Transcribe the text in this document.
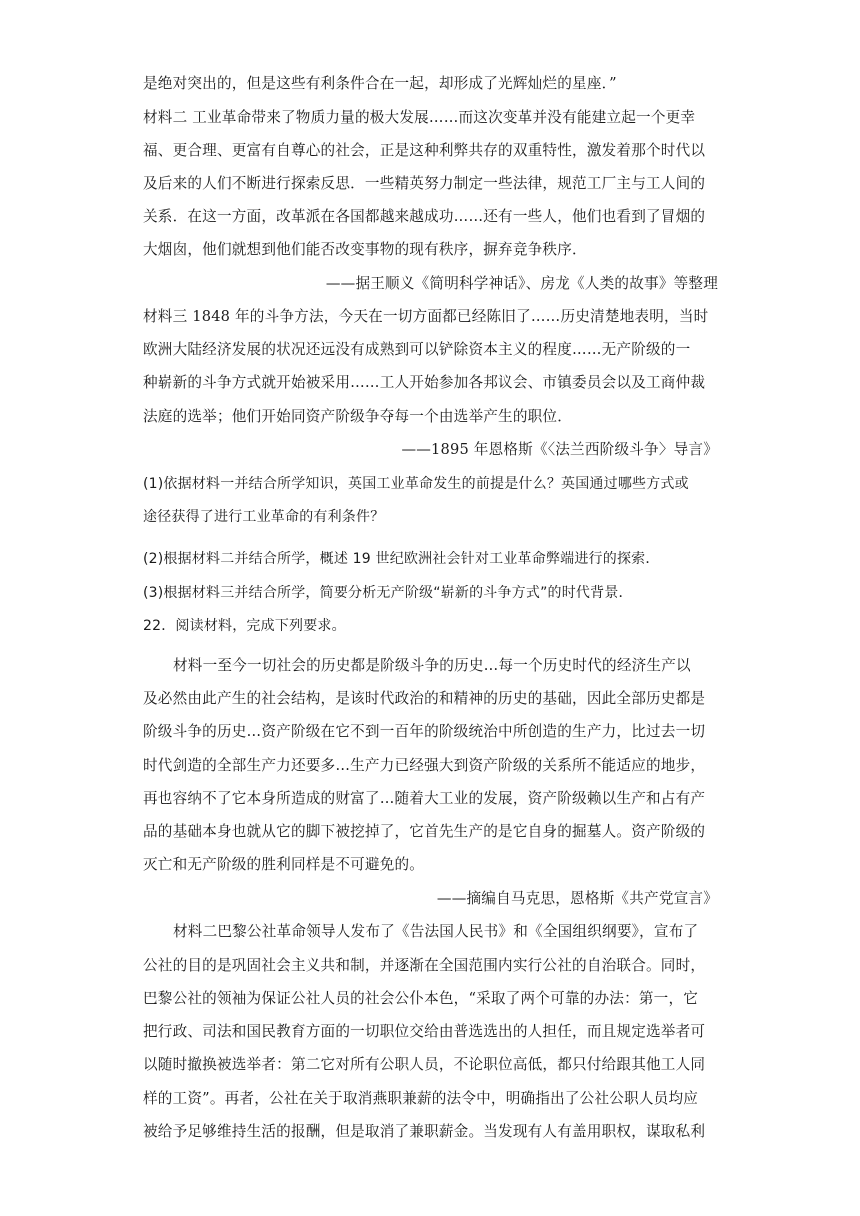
是绝对突出的，但是这些有利条件合在一起，却形成了光辉灿烂的星座．”
材料二 工业革命带来了物质力量的极大发展……而这次变革并没有能建立起一个更幸
福、更合理、更富有自尊心的社会，正是这种利弊共存的双重特性，激发着那个时代以
及后来的人们不断进行探索反思．一些精英努力制定一些法律，规范工厂主与工人间的
关系．在这一方面，改革派在各国都越来越成功……还有一些人，他们也看到了冒烟的
大烟囱，他们就想到他们能否改变事物的现有秩序，摒弃竞争秩序．
——据王顺义《简明科学神话》、房龙《人类的故事》等整理
材料三 1848 年的斗争方法，今天在一切方面都已经陈旧了……历史清楚地表明，当时
欧洲大陆经济发展的状况还远没有成熟到可以铲除资本主义的程度……无产阶级的一
种崭新的斗争方式就开始被采用……工人开始参加各邦议会、市镇委员会以及工商仲裁
法庭的选举；他们开始同资产阶级争夺每一个由选举产生的职位．
——1895 年恩格斯《〈法兰西阶级斗争〉导言》
(1)依据材料一并结合所学知识，英国工业革命发生的前提是什么？英国通过哪些方式或
途径获得了进行工业革命的有利条件？
(2)根据材料二并结合所学，概述 19 世纪欧洲社会针对工业革命弊端进行的探索．
(3)根据材料三并结合所学，简要分析无产阶级“崭新的斗争方式”的时代背景．
22．阅读材料，完成下列要求。
材料一至今一切社会的历史都是阶级斗争的历史…每一个历史时代的经济生产以
及必然由此产生的社会结构，是该时代政治的和精神的历史的基础，因此全部历史都是
阶级斗争的历史…资产阶级在它不到一百年的阶级统治中所创造的生产力，比过去一切
时代剑造的全部生产力还要多…生产力已经强大到资产阶级的关系所不能适应的地步，
再也容纳不了它本身所造成的财富了…随着大工业的发展，资产阶级赖以生产和占有产
品的基础本身也就从它的脚下被挖掉了，它首先生产的是它自身的掘墓人。资产阶级的
灭亡和无产阶级的胜利同样是不可避免的。
——摘编自马克思，恩格斯《共产党宣言》
材料二巴黎公社革命领导人发布了《告法国人民书》和《全国组织纲要》，宣布了
公社的目的是巩固社会主义共和制，并逐渐在全国范围内实行公社的自治联合。同时，
巴黎公社的领袖为保证公社人员的社会公仆本色，“采取了两个可靠的办法：第一，它
把行政、司法和国民教育方面的一切职位交给由普选选出的人担任，而且规定选举者可
以随时撤换被选举者：第二它对所有公职人员，不论职位高低，都只付给跟其他工人同
样的工资”。再者，公社在关于取消燕职兼薪的法令中，明确指出了公社公职人员均应
被给予足够维持生活的报酬，但是取消了兼职薪金。当发现有人有盖用职权，谋取私利
